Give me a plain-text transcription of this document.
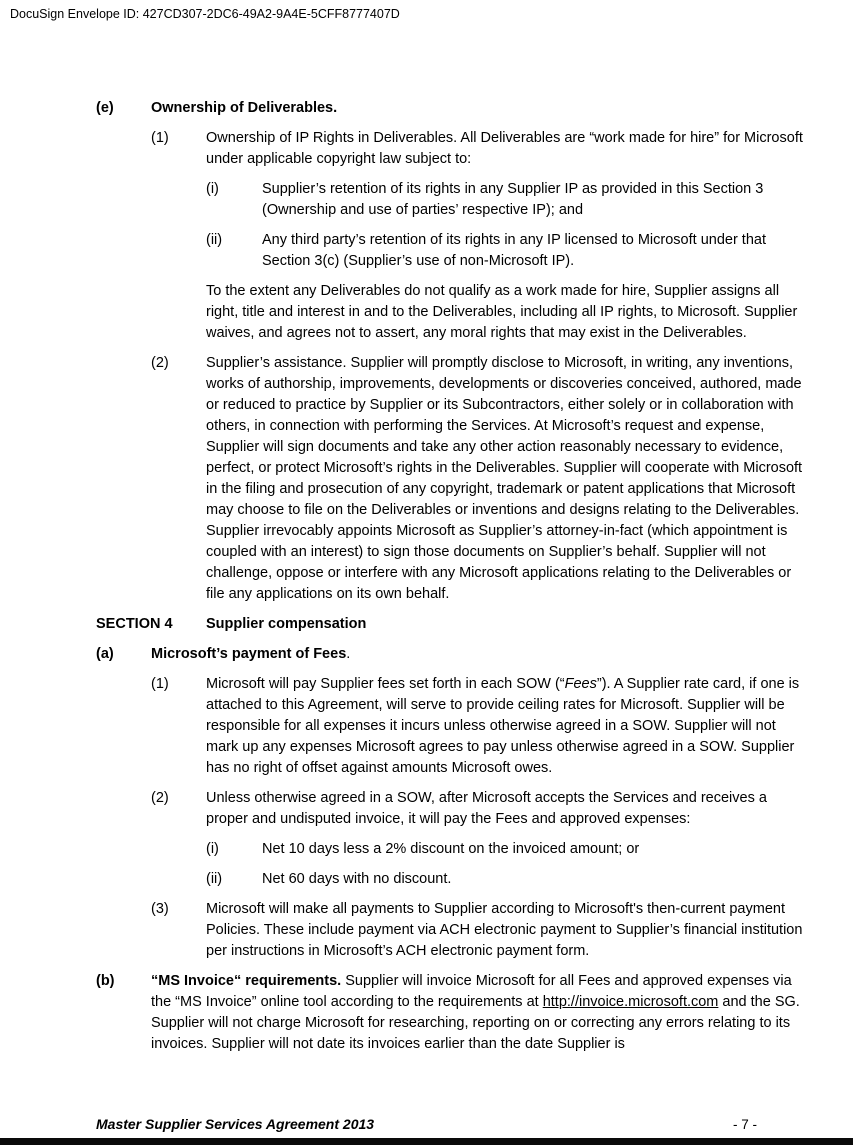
DocuSign Envelope ID: 427CD307-2DC6-49A2-9A4E-5CFF8777407D
(e)	Ownership of Deliverables.
(1)	Ownership of IP Rights in Deliverables. All Deliverables are “work made for hire” for Microsoft under applicable copyright law subject to:
(i)	Supplier’s retention of its rights in any Supplier IP as provided in this Section 3 (Ownership and use of parties’ respective IP); and
(ii)	Any third party’s retention of its rights in any IP licensed to Microsoft under that Section 3(c) (Supplier’s use of non-Microsoft IP).
To the extent any Deliverables do not qualify as a work made for hire, Supplier assigns all right, title and interest in and to the Deliverables, including all IP rights, to Microsoft. Supplier waives, and agrees not to assert, any moral rights that may exist in the Deliverables.
(2)	Supplier’s assistance. Supplier will promptly disclose to Microsoft, in writing, any inventions, works of authorship, improvements, developments or discoveries conceived, authored, made or reduced to practice by Supplier or its Subcontractors, either solely or in collaboration with others, in connection with performing the Services. At Microsoft’s request and expense, Supplier will sign documents and take any other action reasonably necessary to evidence, perfect, or protect Microsoft’s rights in the Deliverables. Supplier will cooperate with Microsoft in the filing and prosecution of any copyright, trademark or patent applications that Microsoft may choose to file on the Deliverables or inventions and designs relating to the Deliverables. Supplier irrevocably appoints Microsoft as Supplier’s attorney-in-fact (which appointment is coupled with an interest) to sign those documents on Supplier’s behalf. Supplier will not challenge, oppose or interfere with any Microsoft applications relating to the Deliverables or file any applications on its own behalf.
SECTION 4	Supplier compensation
(a)	Microsoft’s payment of Fees.
(1)	Microsoft will pay Supplier fees set forth in each SOW (“Fees”). A Supplier rate card, if one is attached to this Agreement, will serve to provide ceiling rates for Microsoft. Supplier will be responsible for all expenses it incurs unless otherwise agreed in a SOW. Supplier will not mark up any expenses Microsoft agrees to pay unless otherwise agreed in a SOW. Supplier has no right of offset against amounts Microsoft owes.
(2)	Unless otherwise agreed in a SOW, after Microsoft accepts the Services and receives a proper and undisputed invoice, it will pay the Fees and approved expenses:
(i)	Net 10 days less a 2% discount on the invoiced amount; or
(ii)	Net 60 days with no discount.
(3)	Microsoft will make all payments to Supplier according to Microsoft's then-current payment Policies. These include payment via ACH electronic payment to Supplier’s financial institution per instructions in Microsoft’s ACH electronic payment form.
(b)	“MS Invoice“ requirements. Supplier will invoice Microsoft for all Fees and approved expenses via the “MS Invoice” online tool according to the requirements at http://invoice.microsoft.com and the SG. Supplier will not charge Microsoft for researching, reporting on or correcting any errors relating to its invoices. Supplier will not date its invoices earlier than the date Supplier is
Master Supplier Services Agreement 2013	- 7 -
